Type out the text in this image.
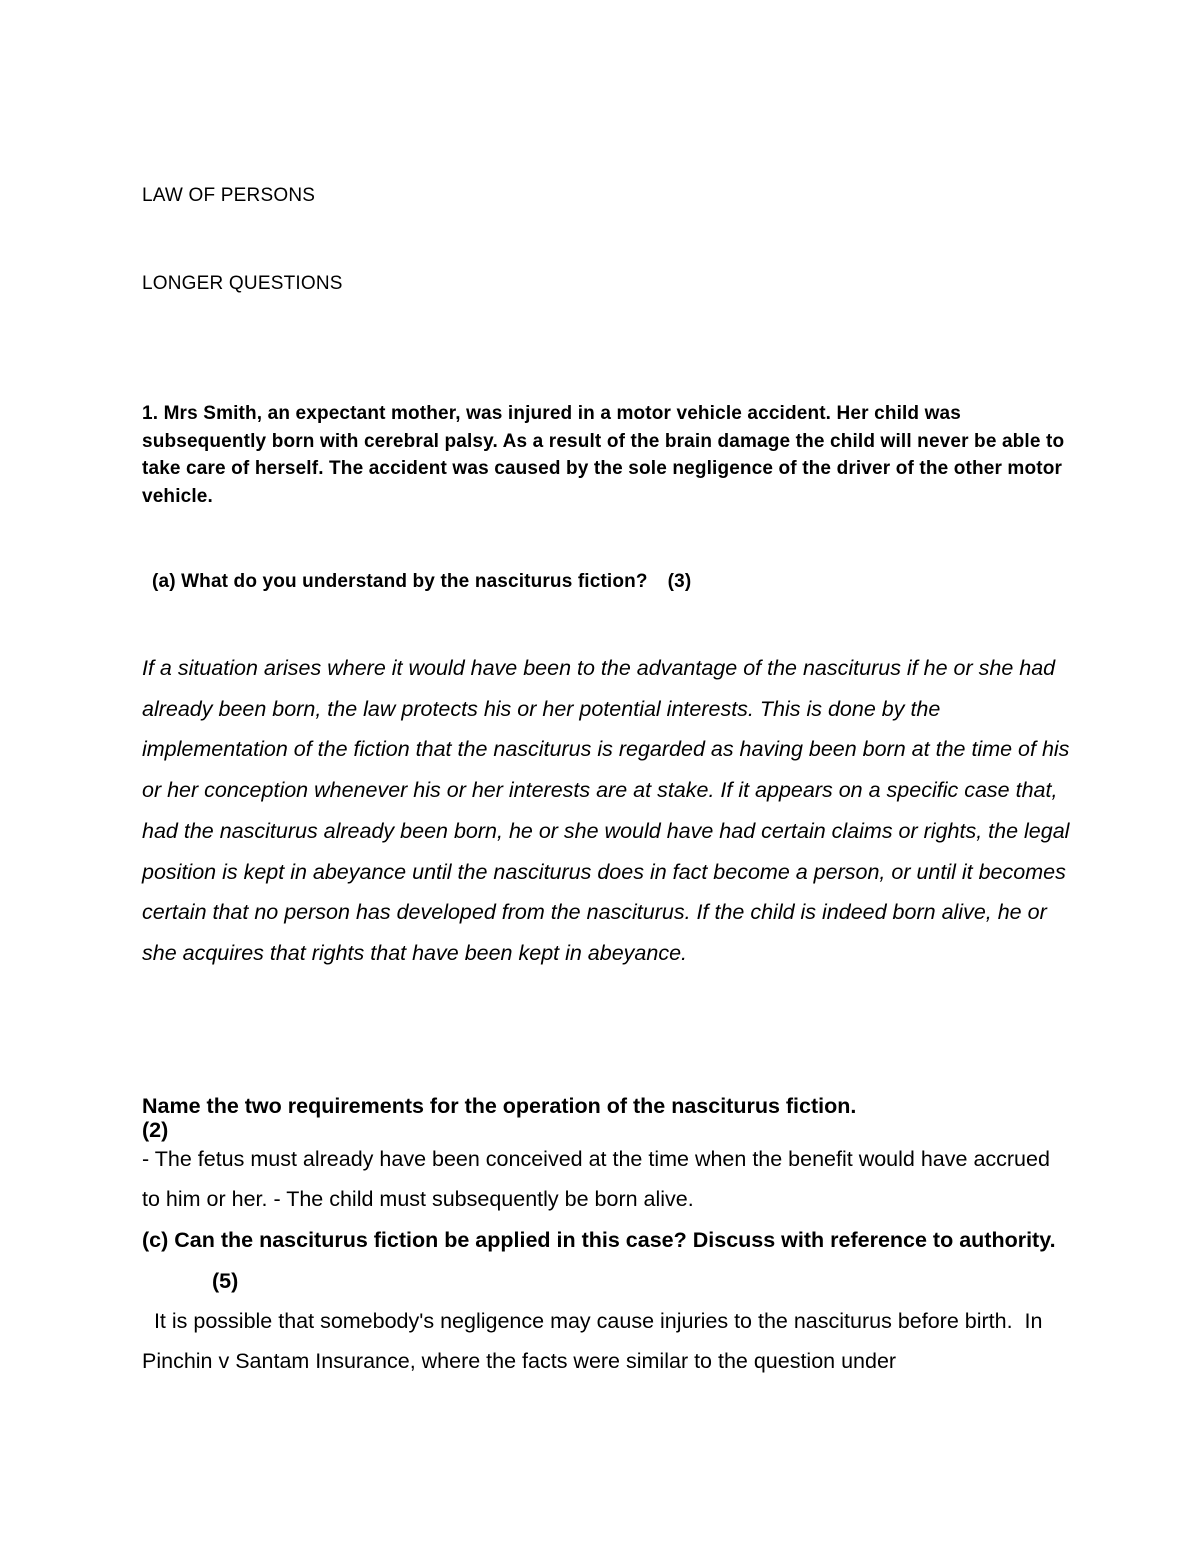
LAW OF PERSONS

LONGER QUESTIONS

1. Mrs Smith, an expectant mother, was injured in a motor vehicle accident. Her child was subsequently born with cerebral palsy. As a result of the brain damage the child will never be able to take care of herself. The accident was caused by the sole negligence of the driver of the other motor vehicle.

(a) What do you understand by the nasciturus fiction? (3)

If a situation arises where it would have been to the advantage of the nasciturus if he or she had already been born, the law protects his or her potential interests. This is done by the implementation of the fiction that the nasciturus is regarded as having been born at the time of his or her conception whenever his or her interests are at stake. If it appears on a specific case that, had the nasciturus already been born, he or she would have had certain claims or rights, the legal position is kept in abeyance until the nasciturus does in fact become a person, or until it becomes certain that no person has developed from the nasciturus. If the child is indeed born alive, he or she acquires that rights that have been kept in abeyance.

Name the two requirements for the operation of the nasciturus fiction.
(2)

- The fetus must already have been conceived at the time when the benefit would have accrued to him or her. - The child must subsequently be born alive.

(c) Can the nasciturus fiction be applied in this case? Discuss with reference to authority.(5)

It is possible that somebody's negligence may cause injuries to the nasciturus before birth.  In Pinchin v Santam Insurance, where the facts were similar to the question under
